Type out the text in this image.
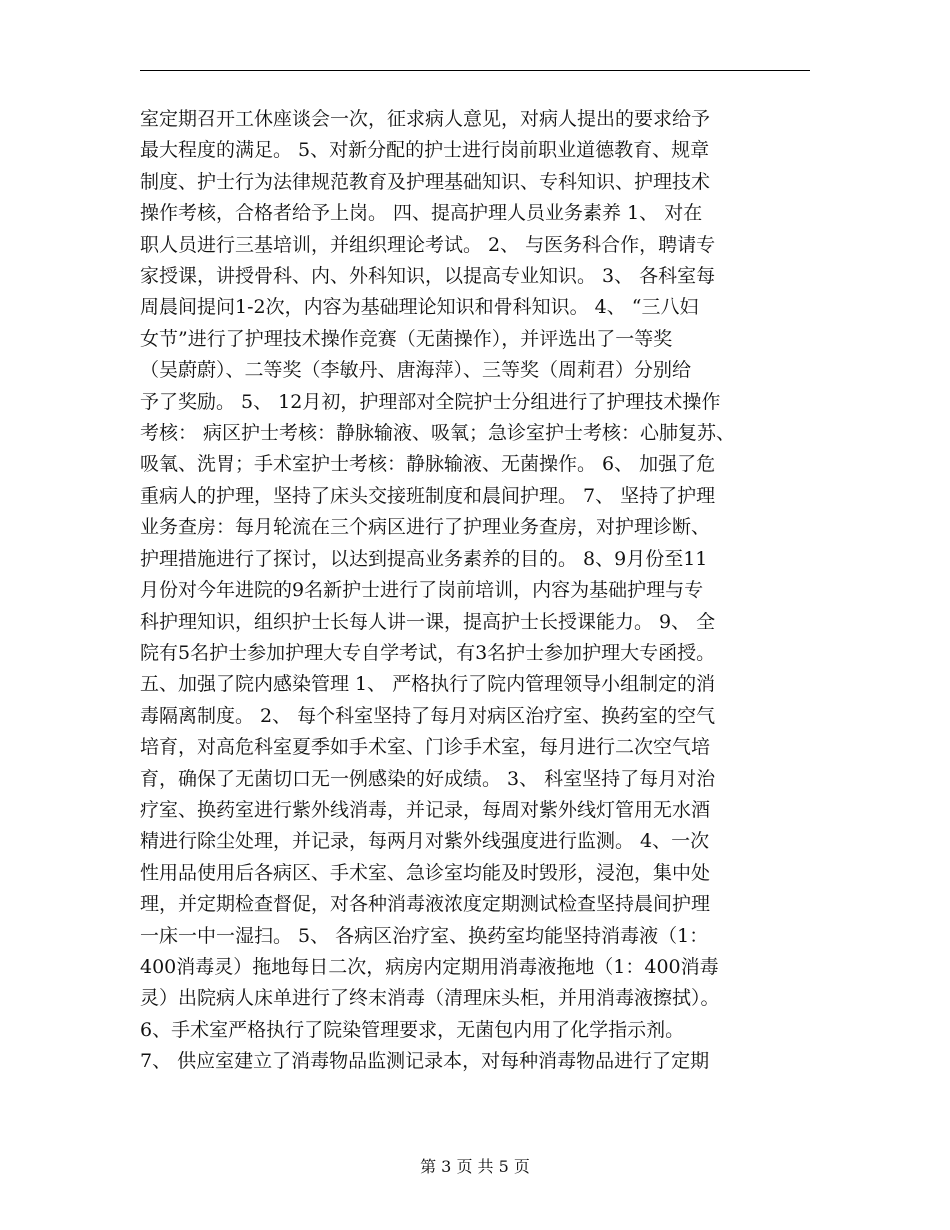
室定期召开工休座谈会一次，征求病人意见，对病人提出的要求给予
最大程度的满足。 5、对新分配的护士进行岗前职业道德教育、规章
制度、护士行为法律规范教育及护理基础知识、专科知识、护理技术
操作考核，合格者给予上岗。 四、提高护理人员业务素养 1、 对在
职人员进行三基培训，并组织理论考试。 2、 与医务科合作，聘请专
家授课，讲授骨科、内、外科知识，以提高专业知识。 3、 各科室每
周晨间提问1-2次，内容为基础理论知识和骨科知识。 4、 “三八妇
女节”进行了护理技术操作竞赛（无菌操作），并评选出了一等奖
（吴蔚蔚）、二等奖（李敏丹、唐海萍）、三等奖（周莉君）分别给
予了奖励。 5、 12月初，护理部对全院护士分组进行了护理技术操作
考核： 病区护士考核：静脉输液、吸氧；急诊室护士考核：心肺复苏、
吸氧、洗胃；手术室护士考核：静脉输液、无菌操作。 6、 加强了危
重病人的护理，坚持了床头交接班制度和晨间护理。 7、 坚持了护理
业务查房：每月轮流在三个病区进行了护理业务查房，对护理诊断、
护理措施进行了探讨，以达到提高业务素养的目的。 8、9月份至11
月份对今年进院的9名新护士进行了岗前培训，内容为基础护理与专
科护理知识，组织护士长每人讲一课，提高护士长授课能力。 9、 全
院有5名护士参加护理大专自学考试，有3名护士参加护理大专函授。
五、加强了院内感染管理 1、 严格执行了院内管理领导小组制定的消
毒隔离制度。 2、 每个科室坚持了每月对病区治疗室、换药室的空气
培育，对高危科室夏季如手术室、门诊手术室，每月进行二次空气培
育，确保了无菌切口无一例感染的好成绩。 3、 科室坚持了每月对治
疗室、换药室进行紫外线消毒，并记录，每周对紫外线灯管用无水酒
精进行除尘处理，并记录，每两月对紫外线强度进行监测。 4、一次
性用品使用后各病区、手术室、急诊室均能及时毁形，浸泡，集中处
理，并定期检查督促，对各种消毒液浓度定期测试检查坚持晨间护理
一床一中一湿扫。 5、 各病区治疗室、换药室均能坚持消毒液（1：
400消毒灵）拖地每日二次，病房内定期用消毒液拖地（1：400消毒
灵）出院病人床单进行了终末消毒（清理床头柜，并用消毒液擦拭）。
6、手术室严格执行了院染管理要求，无菌包内用了化学指示剂。
7、 供应室建立了消毒物品监测记录本，对每种消毒物品进行了定期
第 3 页 共 5 页
